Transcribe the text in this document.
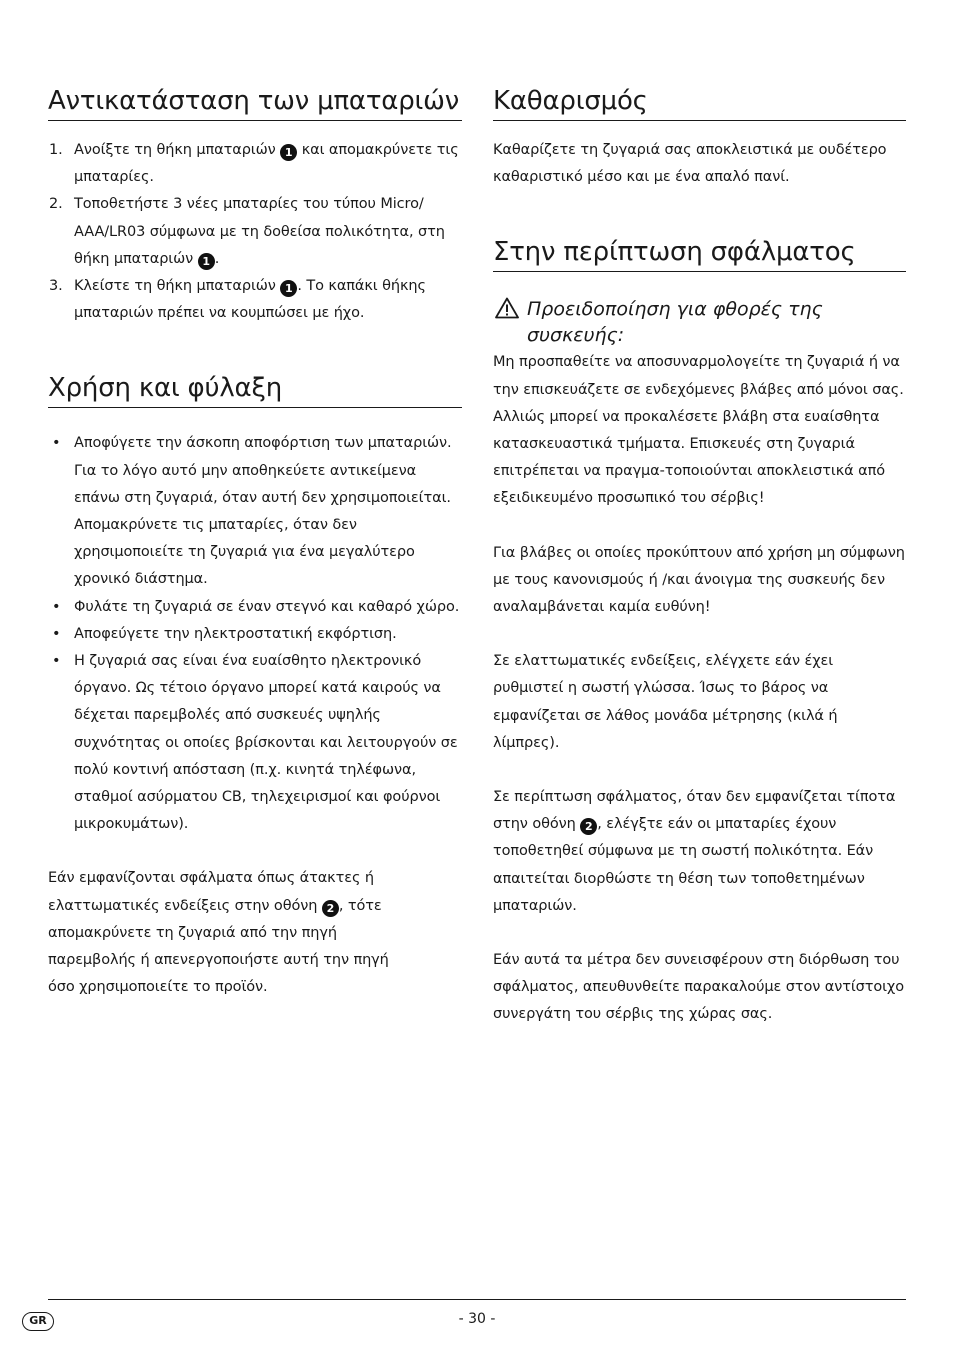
Αντικατάσταση των μπαταριών
1. Ανοίξτε τη θήκη μπαταριών 1 και απομακρύνετε τις μπαταρίες.
2. Τοποθετήστε 3 νέες μπαταρίες του τύπου Micro/ AAA/LR03 σύμφωνα με τη δοθείσα πολικότητα, στη θήκη μπαταριών 1 .
3. Κλείστε τη θήκη μπαταριών 1 . Το καπάκι θήκης μπαταριών πρέπει να κουμπώσει με ήχο.
Χρήση και φύλαξη
• Αποφύγετε την άσκοπη αποφόρτιση των μπαταριών. Για το λόγο αυτό μην αποθηκεύετε αντικείμενα επάνω στη ζυγαριά, όταν αυτή δεν χρησιμοποιείται. Απομακρύνετε τις μπαταρίες, όταν δεν χρησιμοποιείτε τη ζυγαριά για ένα μεγαλύτερο χρονικό διάστημα.
• Φυλάτε τη ζυγαριά σε έναν στεγνό και καθαρό χώρο.
• Αποφεύγετε την ηλεκτροστατική εκφόρτιση.
• Η ζυγαριά σας είναι ένα ευαίσθητο ηλεκτρονικό όργανο. Ως τέτοιο όργανο μπορεί κατά καιρούς να δέχεται παρεμβολές από συσκευές υψηλής συχνότητας οι οποίες βρίσκονται και λειτουργούν σε πολύ κοντινή απόσταση (π.χ. κινητά τηλέφωνα, σταθμοί ασύρματου CB, τηλεχειρισμοί και φούρνοι μικροκυμάτων).

Εάν εμφανίζονται σφάλματα όπως άτακτες ή ελαττωματικές ενδείξεις στην οθόνη 2 , τότε απομακρύνετε τη ζυγαριά από την πηγή παρεμβολής ή απενεργοποιήστε αυτή την πηγή όσο χρησιμοποιείτε το προϊόν.

Καθαρισμός

Καθαρίζετε τη ζυγαριά σας αποκλειστικά με ουδέτερο καθαριστικό μέσο και με ένα απαλό πανί.

Στην περίπτωση σφάλματος
Προειδοποίηση για φθορές της συσκευής:

Μη προσπαθείτε να αποσυναρμολογείτε τη ζυγαριά ή να την επισκευάζετε σε ενδεχόμενες βλάβες από μόνοι σας. Αλλιώς μπορεί να προκαλέσετε βλάβη στα ευαίσθητα κατασκευαστικά τμήματα. Επισκευές στη ζυγαριά επιτρέπεται να πραγμα-τοποιούνται αποκλειστικά από εξειδικευμένο προσωπικό του σέρβις!

Για βλάβες οι οποίες προκύπτουν από χρήση μη σύμφωνη με τους κανονισμούς ή /και άνοιγμα της συσκευής δεν αναλαμβάνεται καμία ευθύνη!

Σε ελαττωματικές ενδείξεις, ελέγχετε εάν έχει ρυθμιστεί η σωστή γλώσσα. Ίσως το βάρος να εμφανίζεται σε λάθος μονάδα μέτρησης (κιλά ή λίμπρες).

Σε περίπτωση σφάλματος, όταν δεν εμφανίζεται τίποτα στην οθόνη 2 , ελέγξτε εάν οι μπαταρίες έχουν τοποθετηθεί σύμφωνα με τη σωστή πολικότητα. Εάν απαιτείται διορθώστε τη θέση των τοποθετημένων μπαταριών.

Εάν αυτά τα μέτρα δεν συνεισφέρουν στη διόρθωση του σφάλματος, απευθυνθείτε παρακαλούμε στον αντίστοιχο συνεργάτη του σέρβις της χώρας σας.

GR	- 30 -
